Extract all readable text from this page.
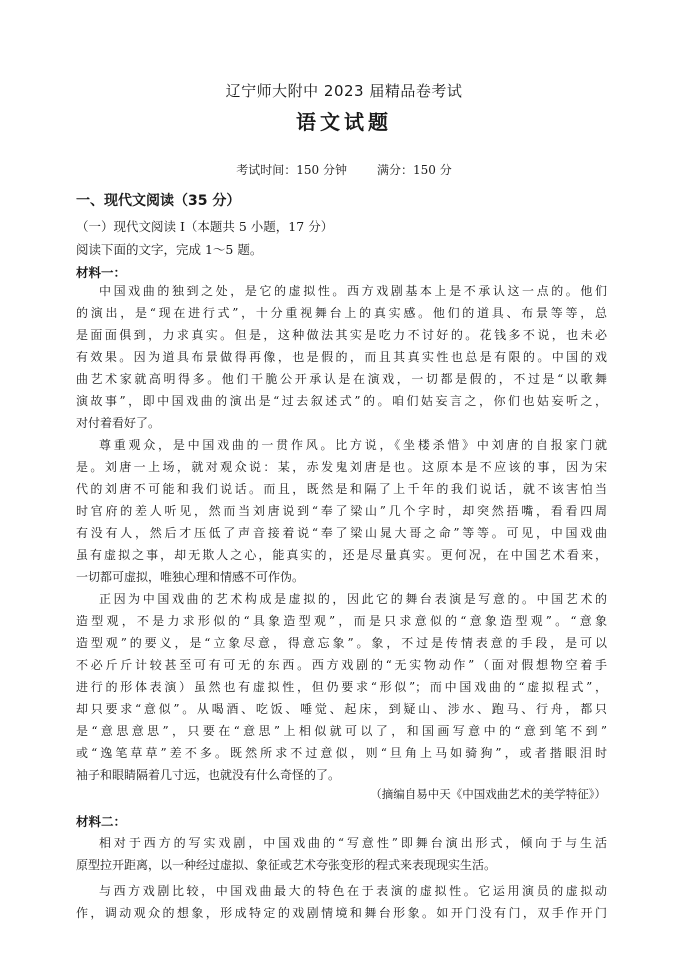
辽宁师大附中 2023 届精品卷考试
语文试题
考试时间：150 分钟	满分：150 分
一、现代文阅读（35 分）
（一）现代文阅读 I（本题共 5 小题，17 分）
阅读下面的文字，完成 1～5 题。
材料一：
中国戏曲的独到之处，是它的虚拟性。西方戏剧基本上是不承认这一点的。他们
的演出，是“现在进行式”，十分重视舞台上的真实感。他们的道具、布景等等，总
是面面俱到，力求真实。但是，这种做法其实是吃力不讨好的。花钱多不说，也未必
有效果。因为道具布景做得再像，也是假的，而且其真实性也总是有限的。中国的戏
曲艺术家就高明得多。他们干脆公开承认是在演戏，一切都是假的，不过是“以歌舞
演故事”，即中国戏曲的演出是“过去叙述式”的。咱们姑妄言之，你们也姑妄听之，
对付着看好了。
尊重观众，是中国戏曲的一贯作风。比方说，《坐楼杀惜》中刘唐的自报家门就
是。刘唐一上场，就对观众说：某，赤发鬼刘唐是也。这原本是不应该的事，因为宋
代的刘唐不可能和我们说话。而且，既然是和隔了上千年的我们说话，就不该害怕当
时官府的差人听见，然而当刘唐说到“奉了梁山”几个字时，却突然捂嘴，看看四周
有没有人，然后才压低了声音接着说“奉了梁山晁大哥之命”等等。可见，中国戏曲
虽有虚拟之事，却无欺人之心，能真实的，还是尽量真实。更何况，在中国艺术看来，
一切都可虚拟，唯独心理和情感不可作伪。
正因为中国戏曲的艺术构成是虚拟的，因此它的舞台表演是写意的。中国艺术的
造型观，不是力求形似的“具象造型观”，而是只求意似的“意象造型观”。“意象
造型观”的要义，是“立象尽意，得意忘象”。象，不过是传情表意的手段，是可以
不必斤斤计较甚至可有可无的东西。西方戏剧的“无实物动作”（面对假想物空着手
进行的形体表演）虽然也有虚拟性，但仍要求“形似”；而中国戏曲的“虚拟程式”，
却只要求“意似”。从喝酒、吃饭、唾觉、起床，到疑山、涉水、跑马、行舟，都只
是“意思意思”，只要在“意思”上相似就可以了，和国画写意中的“意到笔不到”
或“逸笔草草”差不多。既然所求不过意似，则“旦角上马如骑狗”，或者揩眼泪时
袖子和眼睛隔着几寸远，也就没有什么奇怪的了。
（摘编自易中天《中国戏曲艺术的美学特征》）
材料二：
相对于西方的写实戏剧，中国戏曲的“写意性”即舞台演出形式，倾向于与生活
原型拉开距离，以一种经过虚拟、象征或艺术夸张变形的程式来表现现实生活。
与西方戏剧比较，中国戏曲最大的特色在于表演的虚拟性。它运用演员的虚拟动
作，调动观众的想象，形成特定的戏剧情境和舞台形象。如开门没有门，双手作开门
